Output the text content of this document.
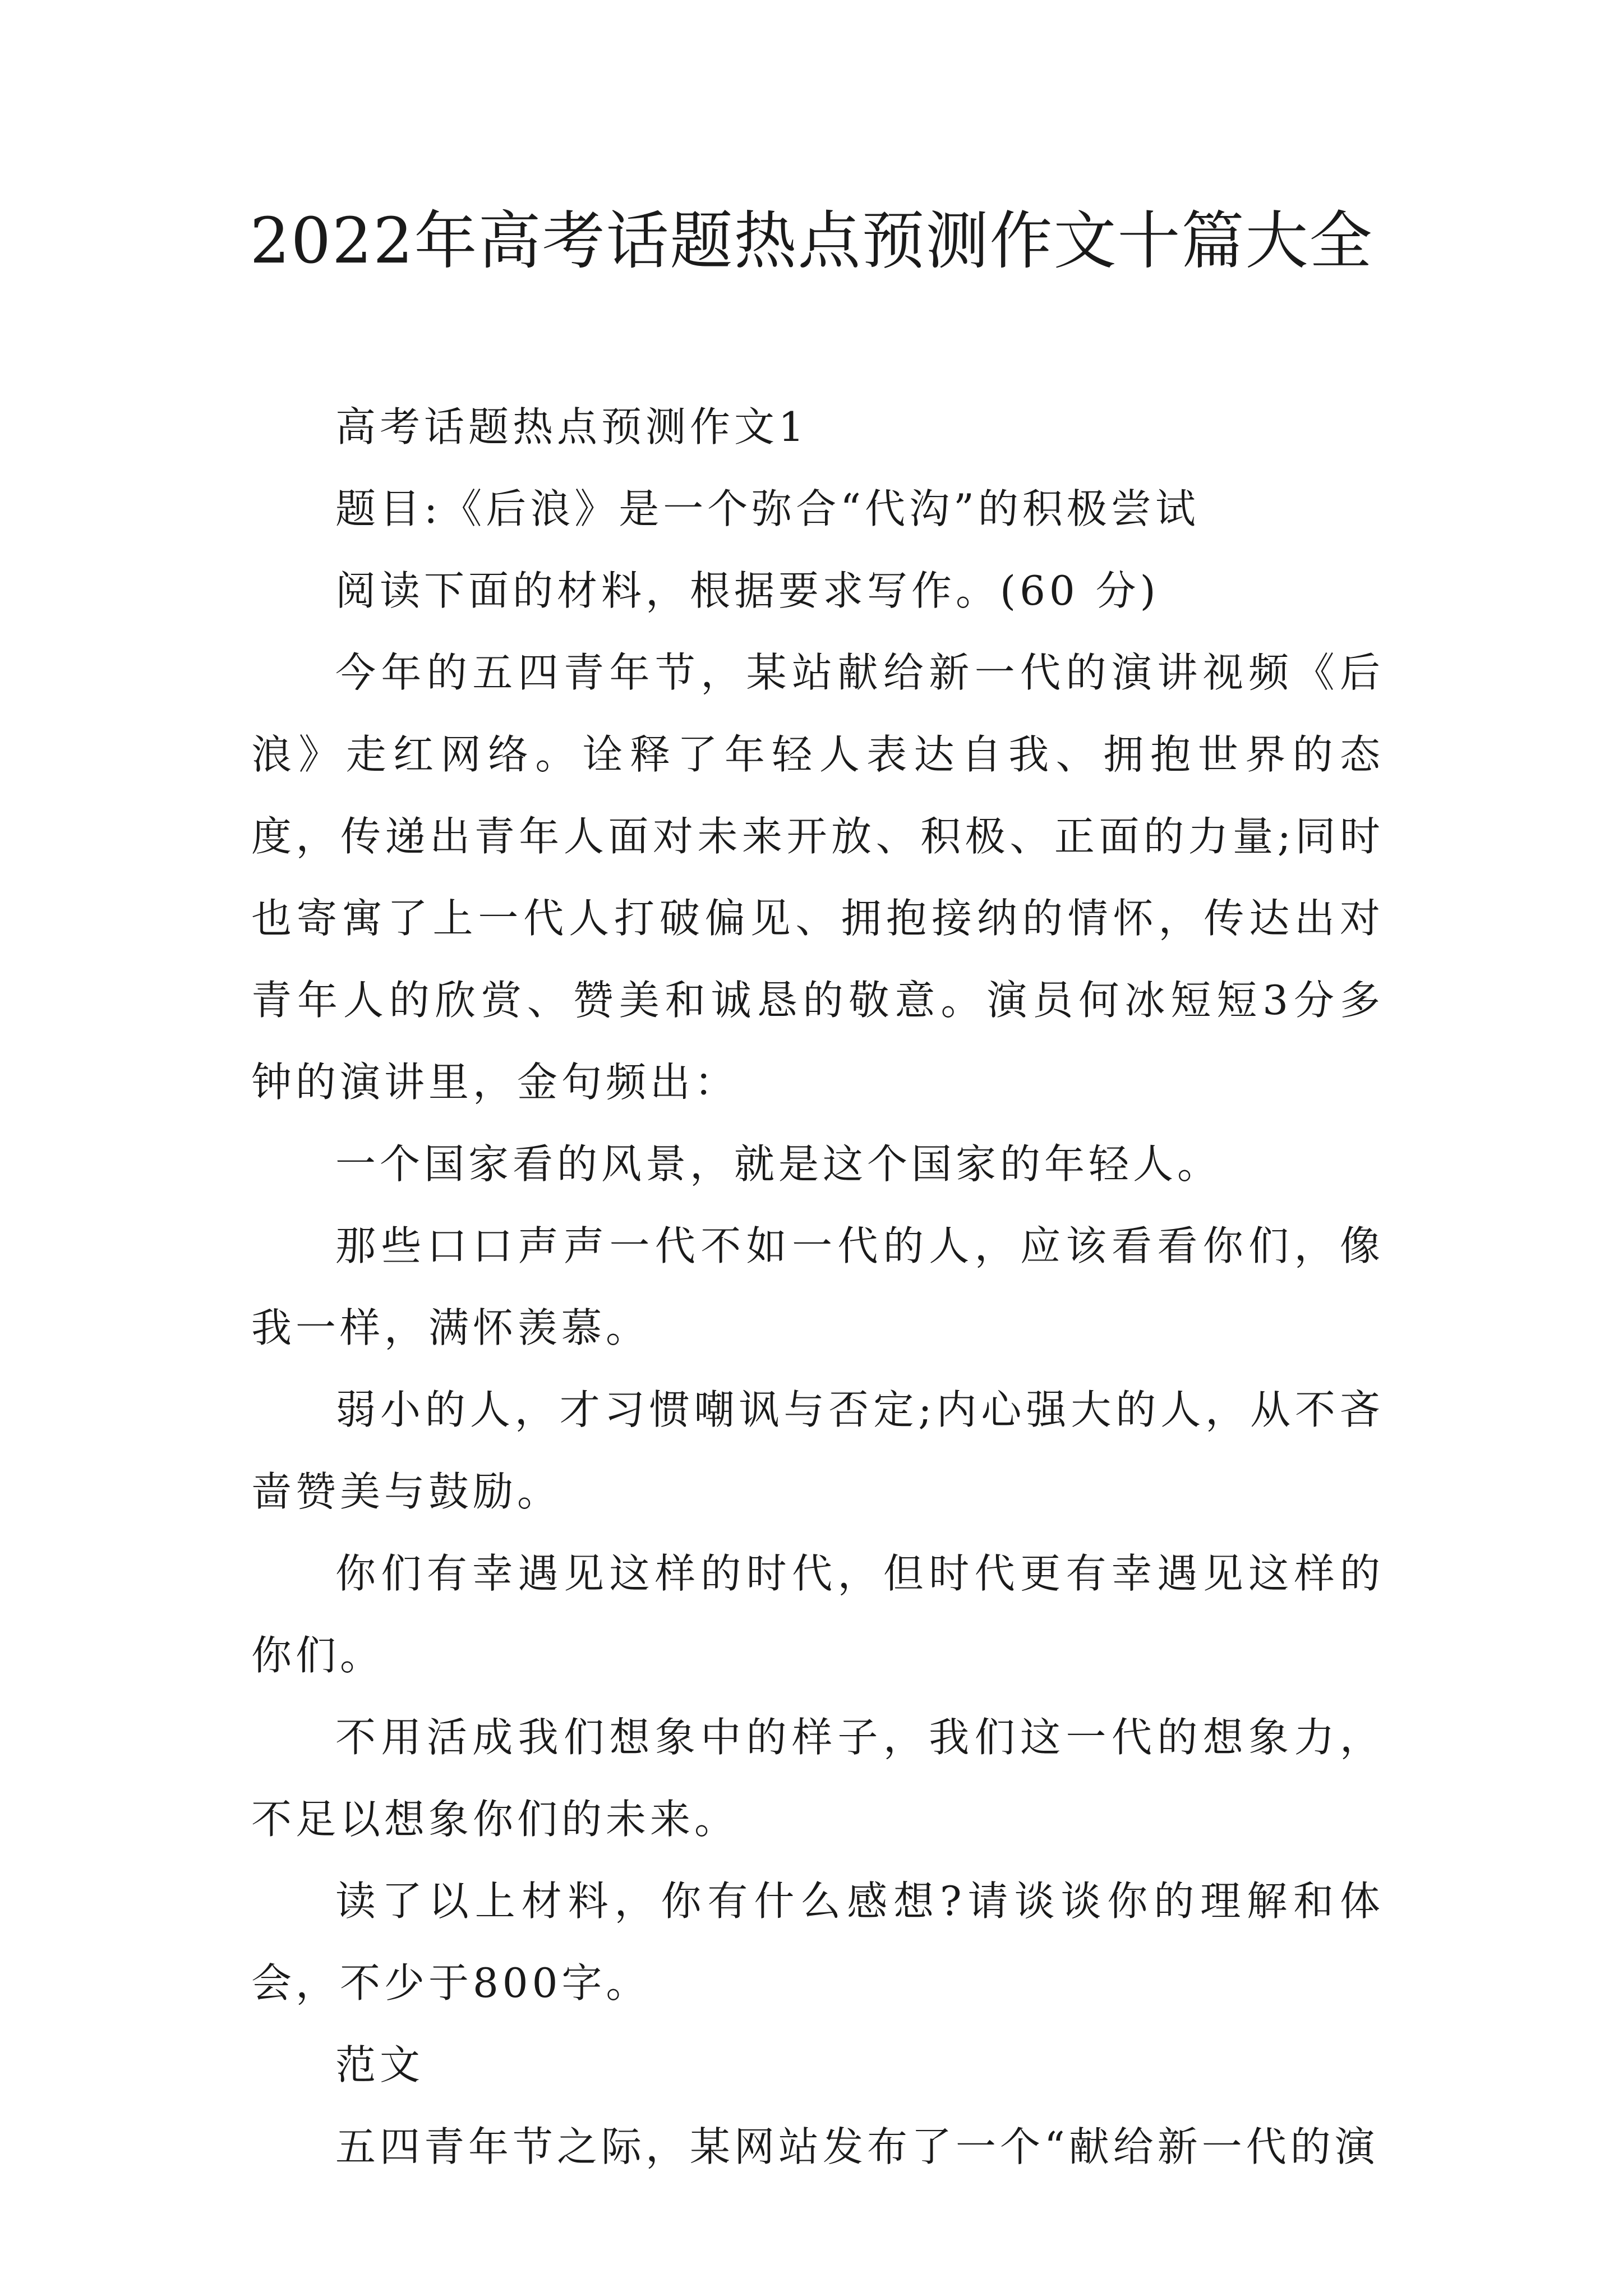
2022年高考话题热点预测作文十篇大全

高考话题热点预测作文1

题目:《后浪》是一个弥合“代沟”的积极尝试

阅读下面的材料，根据要求写作。(60 分)

今年的五四青年节，某站献给新一代的演讲视频《后浪》走红网络。诠释了年轻人表达自我、拥抱世界的态度，传递出青年人面对未来开放、积极、正面的力量;同时也寄寓了上一代人打破偏见、拥抱接纳的情怀，传达出对青年人的欣赏、赞美和诚恳的敬意。演员何冰短短3分多钟的演讲里，金句频出：

一个国家看的风景，就是这个国家的年轻人。

那些口口声声一代不如一代的人，应该看看你们，像我一样，满怀羡慕。

弱小的人，才习惯嘲讽与否定;内心强大的人，从不吝啬赞美与鼓励。

你们有幸遇见这样的时代，但时代更有幸遇见这样的你们。

不用活成我们想象中的样子，我们这一代的想象力，不足以想象你们的未来。

读了以上材料，你有什么感想?请谈谈你的理解和体会，不少于800字。

范文

五四青年节之际，某网站发布了一个“献给新一代的演
